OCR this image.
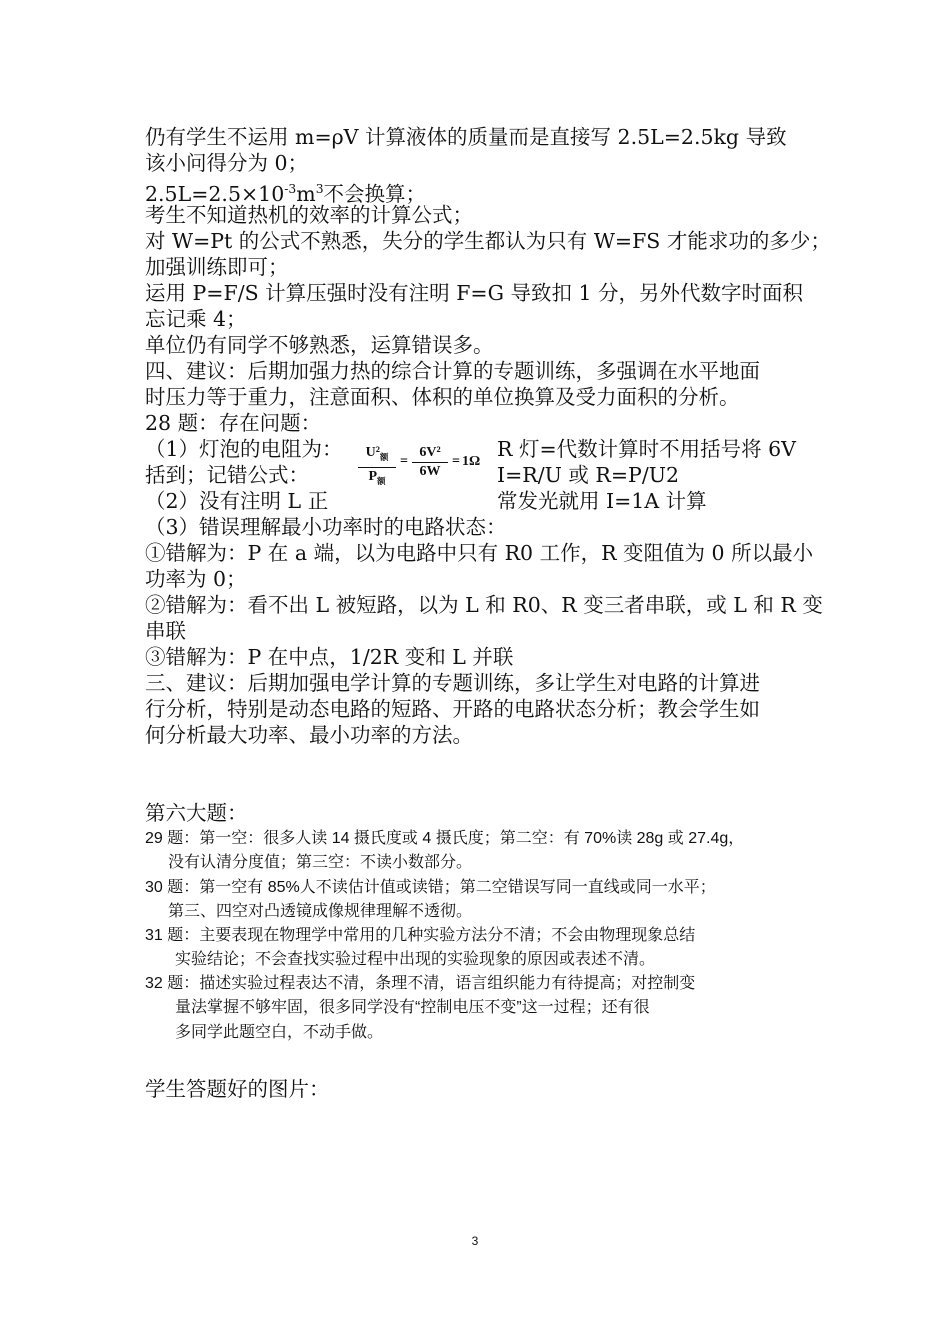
仍有学生不运用 m=ρV 计算液体的质量而是直接写 2.5L=2.5kg 导致
该小问得分为 0；
$2.5L=2.5\times 10^{-3}m^3$不会换算；
考生不知道热机的效率的计算公式；
对 W=Pt 的公式不熟悉，失分的学生都认为只有 W=FS 才能求功的多少；
加强训练即可；
运用 P=F/S 计算压强时没有注明 F=G 导致扣 1 分，另外代数字时面积
忘记乘 4；
单位仍有同学不够熟悉，运算错误多。
四、建议：后期加强力热的综合计算的专题训练，多强调在水平地面
时压力等于重力，注意面积、体积的单位换算及受力面积的分析。
28 题：存在问题：
（1）灯泡的电阻为：	R 灯=代数计算时不用括号将 6V
括到；记错公式：
$U^2_额$
$P_额$
= $\frac{\text{6V²}}{6W} = 1\Omega$
I=R/U 或 R=P/U2
（2）没有注明 L 正	常发光就用 I=1A 计算
（3）错误理解最小功率时的电路状态：
①错解为：P 在 a 端，以为电路中只有 R0 工作，R 变阻值为 0 所以最小
功率为 0；
②错解为：看不出 L 被短路，以为 L 和 R0、R 变三者串联，或 L 和 R 变
串联
③错解为：P 在中点，1/2R 变和 L 并联
三、建议：后期加强电学计算的专题训练，多让学生对电路的计算进
行分析，特别是动态电路的短路、开路的电路状态分析；教会学生如
何分析最大功率、最小功率的方法。
第六大题：
29 题：第一空：很多人读 14 摄氏度或 4 摄氏度；第二空：有 70%读 28g 或 27.4g，
没有认清分度值；第三空：不读小数部分。
30 题：第一空有 85%人不读估计值或读错；第二空错误写同一直线或同一水平；
第三、四空对凸透镜成像规律理解不透彻。
31 题：主要表现在物理学中常用的几种实验方法分不清；不会由物理现象总结
实验结论；不会查找实验过程中出现的实验现象的原因或表述不清。
32 题：描述实验过程表达不清，条理不清，语言组织能力有待提高；对控制变
量法掌握不够牢固，很多同学没有“控制电压不变”这一过程；还有很
多同学此题空白，不动手做。
学生答题好的图片：
3
